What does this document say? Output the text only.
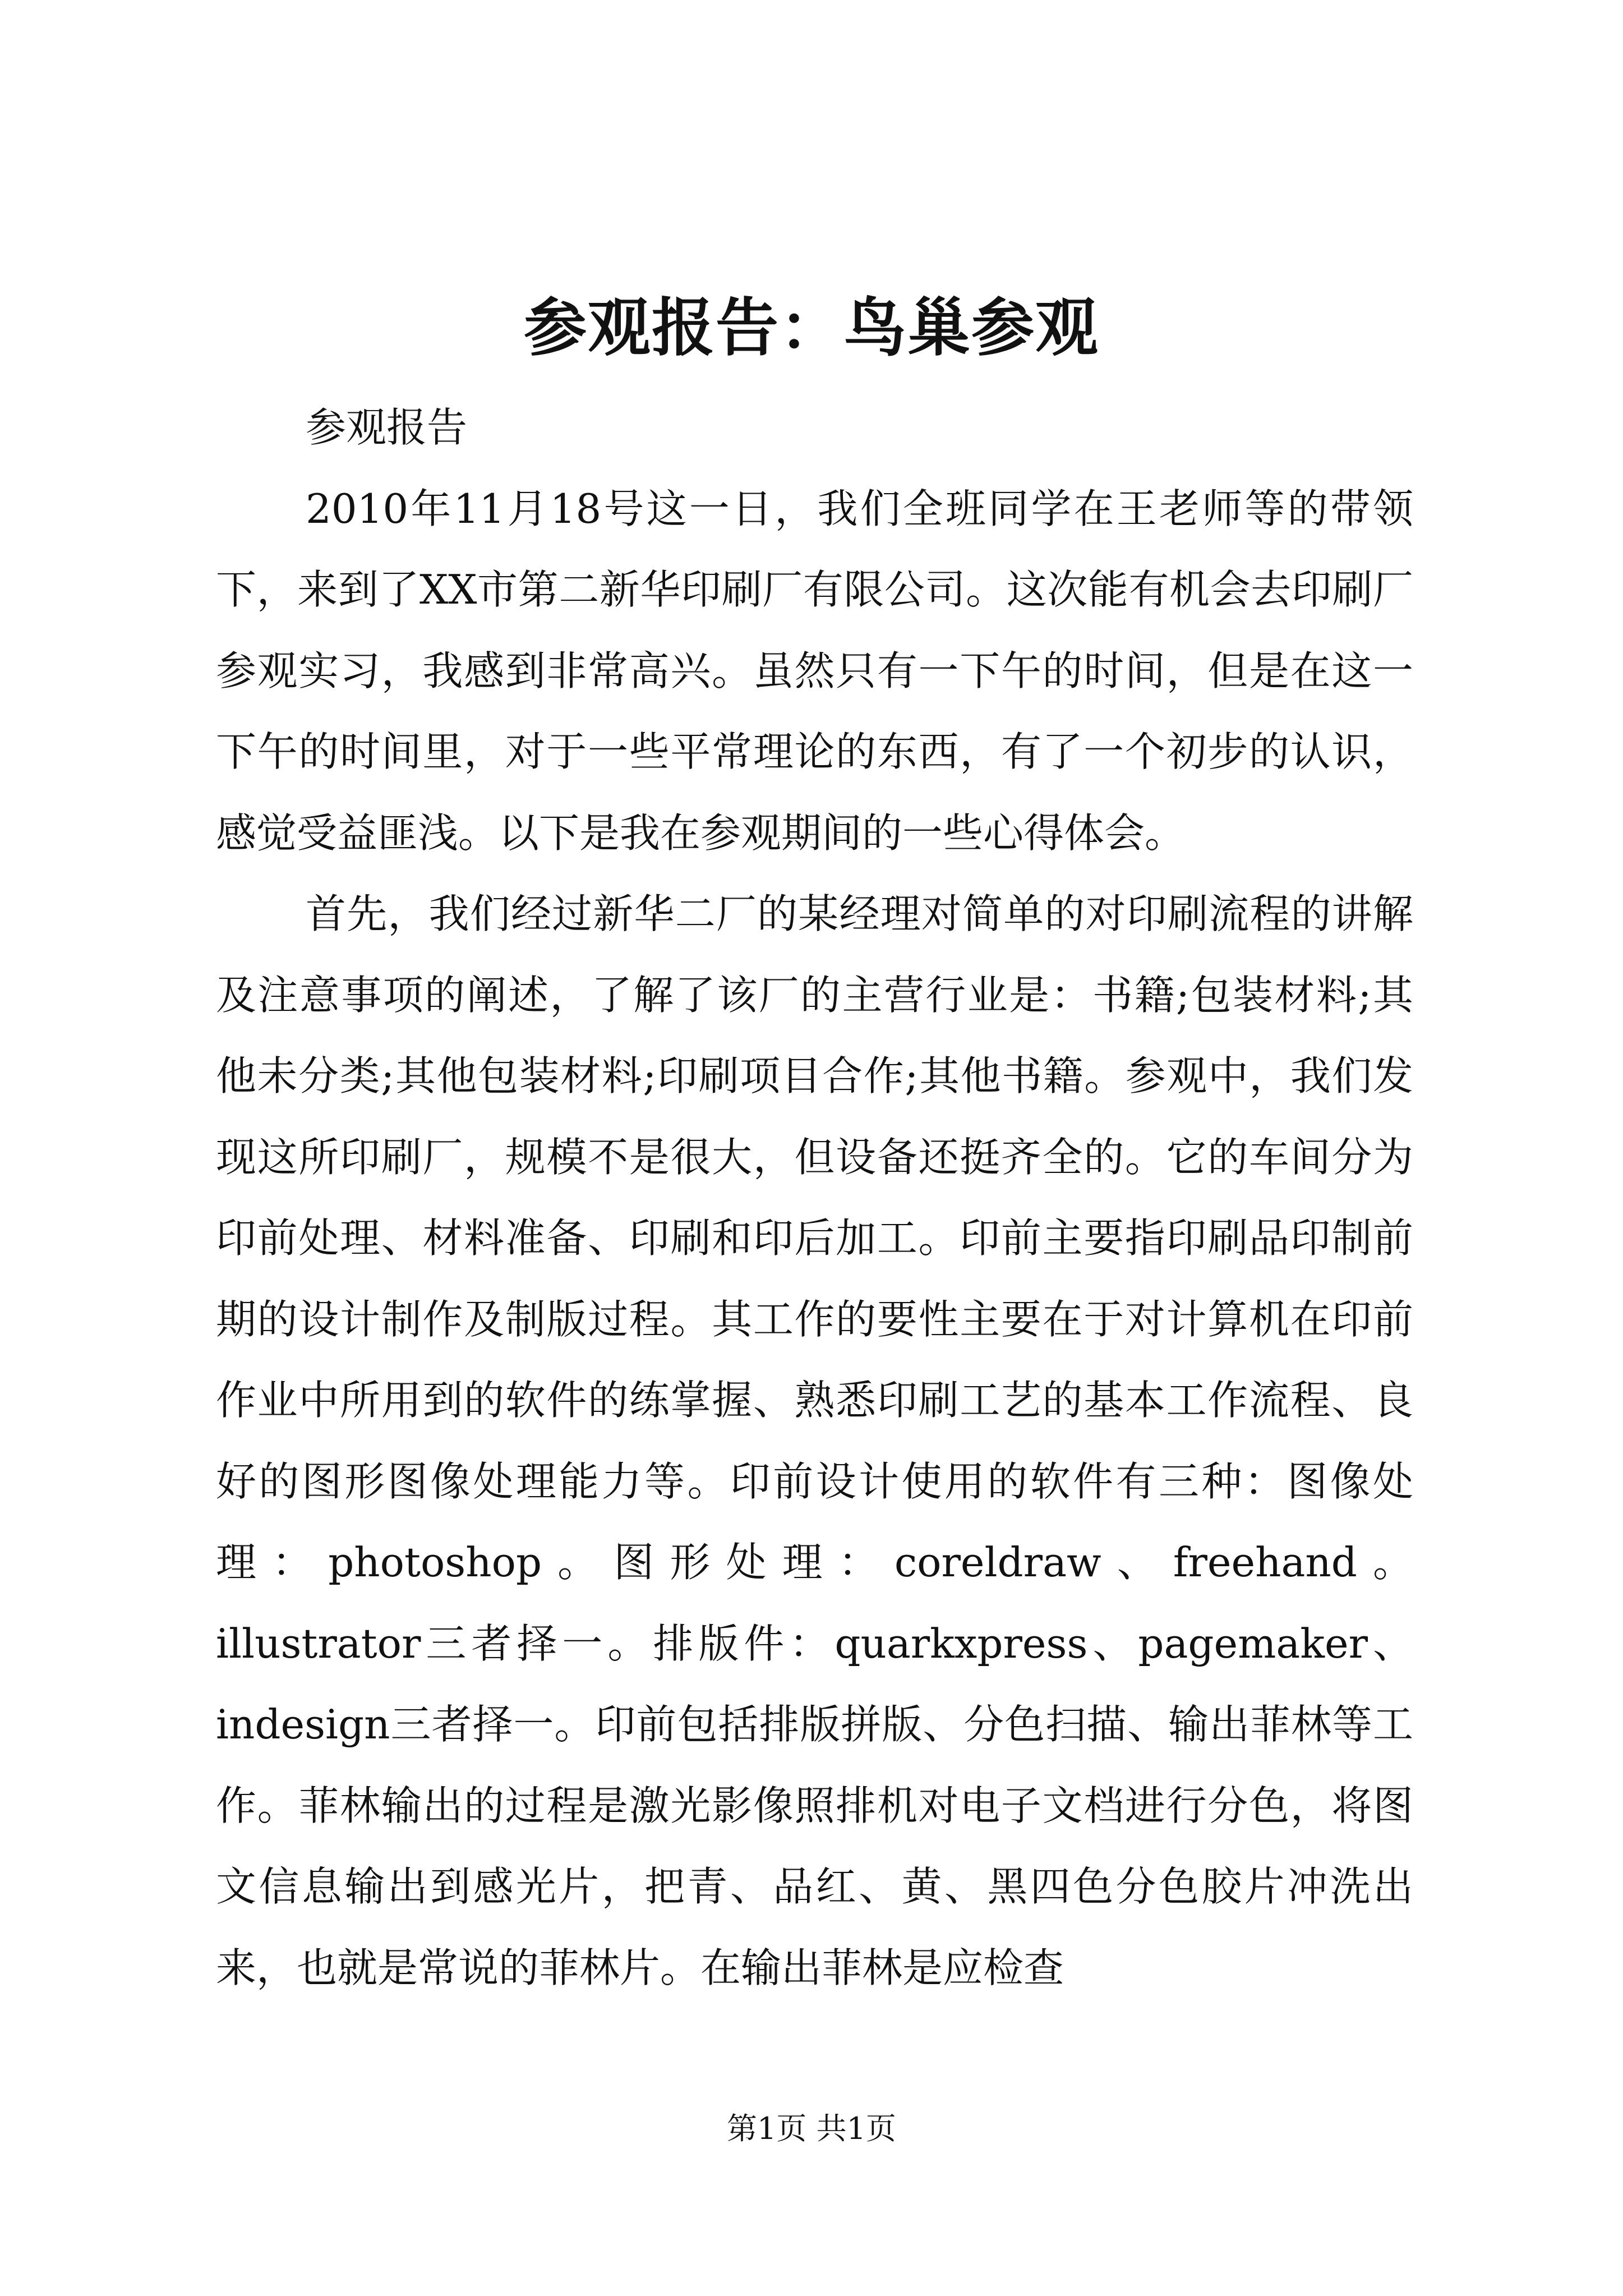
参观报告：鸟巢参观

参观报告

2010年11月18号这一日，我们全班同学在王老师等的带领下，来到了XX市第二新华印刷厂有限公司。这次能有机会去印刷厂参观实习，我感到非常高兴。虽然只有一下午的时间，但是在这一下午的时间里，对于一些平常理论的东西，有了一个初步的认识，感觉受益匪浅。以下是我在参观期间的一些心得体会。

首先，我们经过新华二厂的某经理对简单的对印刷流程的讲解及注意事项的阐述，了解了该厂的主营行业是：书籍;包装材料;其他未分类;其他包装材料;印刷项目合作;其他书籍。参观中，我们发现这所印刷厂，规模不是很大，但设备还挺齐全的。它的车间分为印前处理、材料准备、印刷和印后加工。印前主要指印刷品印制前期的设计制作及制版过程。其工作的要性主要在于对计算机在印前作业中所用到的软件的练掌握、熟悉印刷工艺的基本工作流程、良好的图形图像处理能力等。印前设计使用的软件有三种：图像处理：photoshop。图形处理：coreldraw、freehand。illustrator三者择一。排版件：quarkxpress、pagemaker、indesign三者择一。印前包括排版拼版、分色扫描、输出菲林等工作。菲林输出的过程是激光影像照排机对电子文档进行分色，将图文信息输出到感光片，把青、品红、黄、黑四色分色胶片冲洗出来，也就是常说的菲林片。在输出菲林是应检查

第1页 共1页
